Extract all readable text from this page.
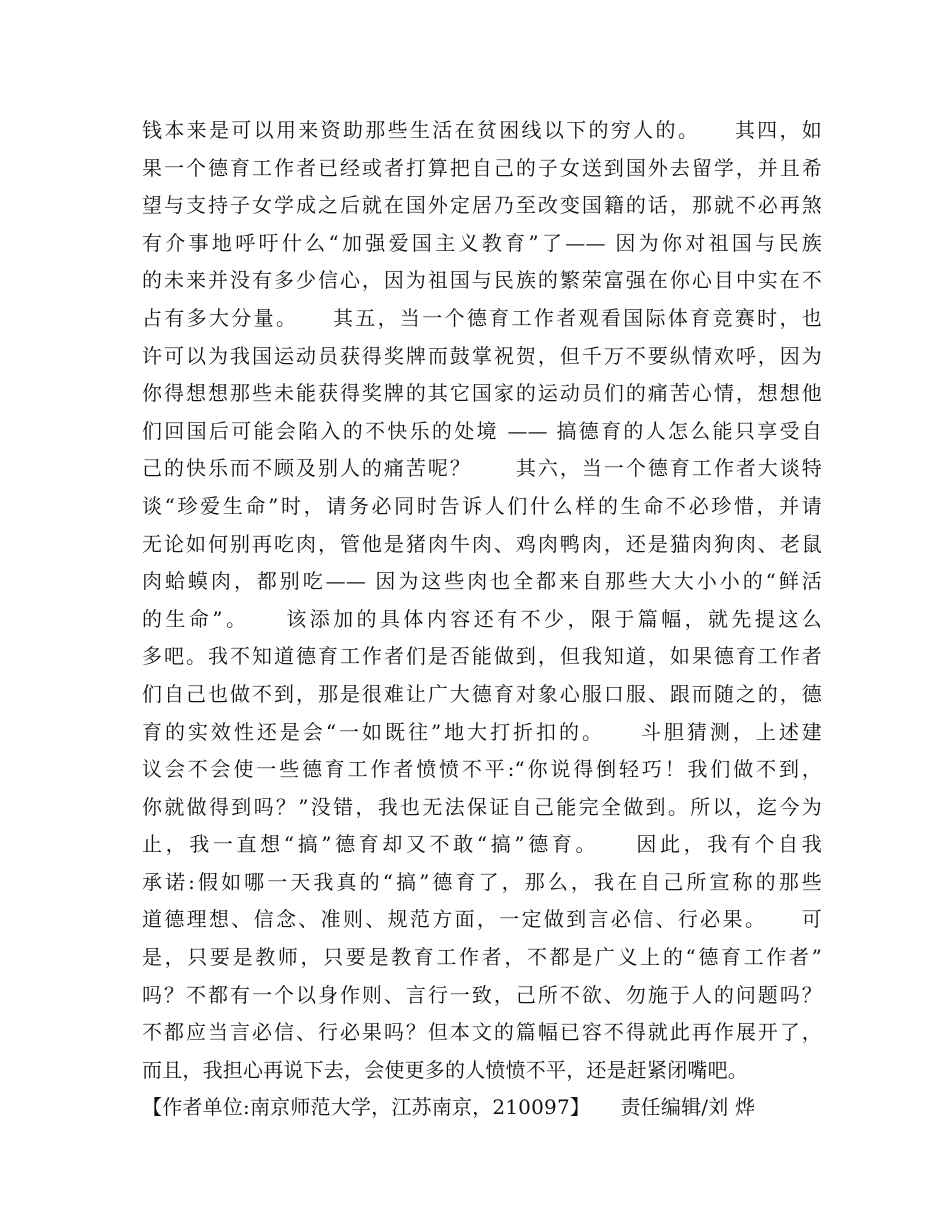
钱本来是可以用来资助那些生活在贫困线以下的穷人的。　　其四，如
果一个德育工作者已经或者打算把自己的子女送到国外去留学，并且希
望与支持子女学成之后就在国外定居乃至改变国籍的话，那就不必再煞
有介事地呼吁什么“加强爱国主义教育”了—— 因为你对祖国与民族
的未来并没有多少信心，因为祖国与民族的繁荣富强在你心目中实在不
占有多大分量。　　其五，当一个德育工作者观看国际体育竞赛时，也
许可以为我国运动员获得奖牌而鼓掌祝贺，但千万不要纵情欢呼，因为
你得想想那些未能获得奖牌的其它国家的运动员们的痛苦心情，想想他
们回国后可能会陷入的不快乐的处境 —— 搞德育的人怎么能只享受自
己的快乐而不顾及别人的痛苦呢？　　其六，当一个德育工作者大谈特
谈“珍爱生命”时，请务必同时告诉人们什么样的生命不必珍惜，并请
无论如何别再吃肉，管他是猪肉牛肉、鸡肉鸭肉，还是猫肉狗肉、老鼠
肉蛤蟆肉，都别吃—— 因为这些肉也全都来自那些大大小小的“鲜活
的生命”。　　该添加的具体内容还有不少，限于篇幅，就先提这么
多吧。我不知道德育工作者们是否能做到，但我知道，如果德育工作者
们自己也做不到，那是很难让广大德育对象心服口服、跟而随之的，德
育的实效性还是会“一如既往”地大打折扣的。　　斗胆猜测，上述建
议会不会使一些德育工作者愤愤不平:“你说得倒轻巧！我们做不到，
你就做得到吗？”没错，我也无法保证自己能完全做到。所以，迄今为
止，我一直想“搞”德育却又不敢“搞”德育。　　因此，我有个自我
承诺:假如哪一天我真的“搞”德育了，那么，我在自己所宣称的那些
道德理想、信念、准则、规范方面，一定做到言必信、行必果。　　可
是，只要是教师，只要是教育工作者，不都是广义上的“德育工作者”
吗？不都有一个以身作则、言行一致，己所不欲、勿施于人的问题吗？
不都应当言必信、行必果吗？但本文的篇幅已容不得就此再作展开了，
而且，我担心再说下去，会使更多的人愤愤不平，还是赶紧闭嘴吧。
【作者单位:南京师范大学，江苏南京，210097】　　责任编辑/刘 烨
